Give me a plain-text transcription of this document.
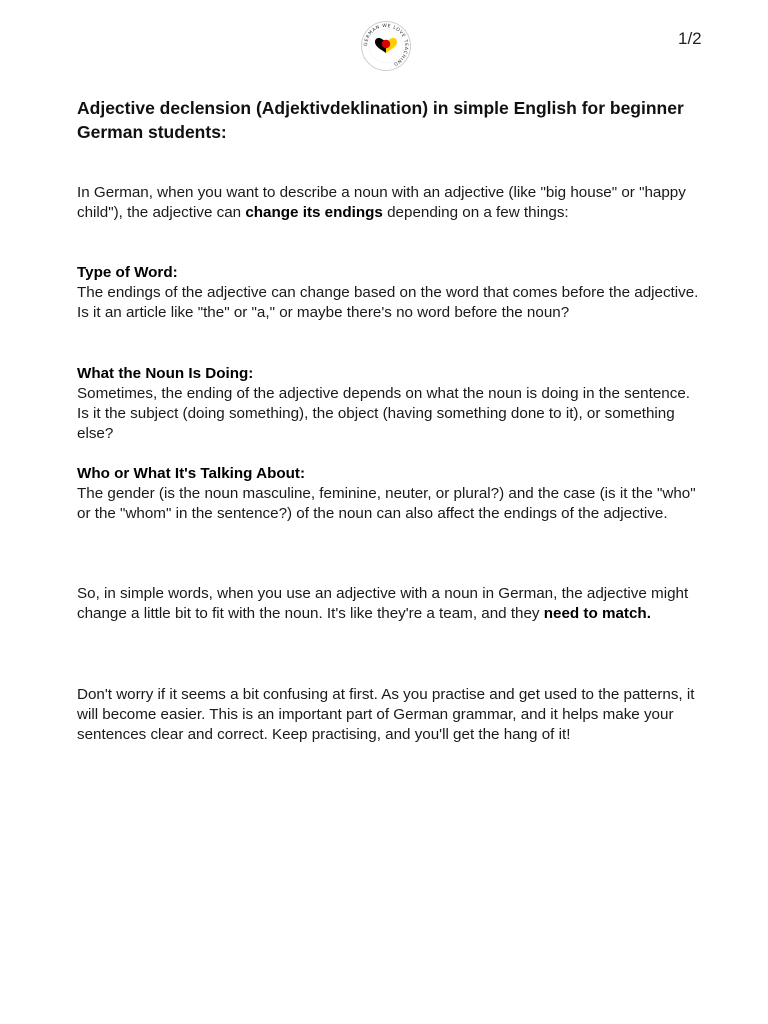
GERMAN WE LOVE TEACHING
1/2
Adjective declension (Adjektivdeklination) in simple English for beginner German students:

In German, when you want to describe a noun with an adjective (like "big house" or "happy child"), the adjective can change its endings depending on a few things:

Type of Word:
The endings of the adjective can change based on the word that comes before the adjective. Is it an article like "the" or "a," or maybe there's no word before the noun?

What the Noun Is Doing:
Sometimes, the ending of the adjective depends on what the noun is doing in the sentence. Is it the subject (doing something), the object (having something done to it), or something else?

Who or What It's Talking About:
The gender (is the noun masculine, feminine, neuter, or plural?) and the case (is it the "who" or the "whom" in the sentence?) of the noun can also affect the endings of the adjective.

So, in simple words, when you use an adjective with a noun in German, the adjective might change a little bit to fit with the noun. It's like they're a team, and they need to match.

Don't worry if it seems a bit confusing at first. As you practise and get used to the patterns, it will become easier. This is an important part of German grammar, and it helps make your sentences clear and correct. Keep practising, and you'll get the hang of it!
